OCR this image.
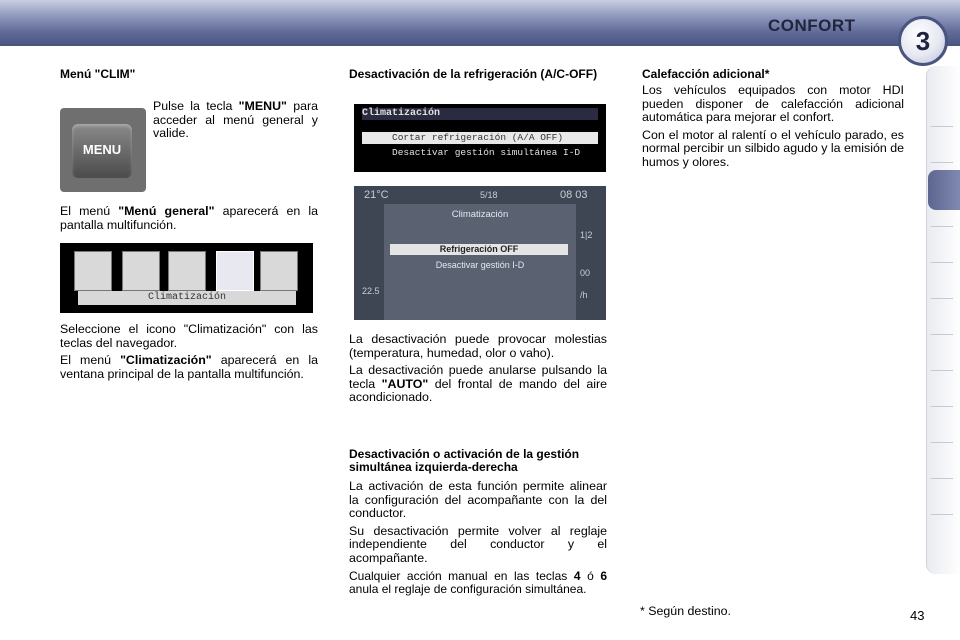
CONFORT
3
Menú "CLIM"
MENU

Pulse la tecla "MENU" para acceder al menú general y valide.

El menú "Menú general" aparecerá en la pantalla multifunción.

Climatización

Seleccione el icono "Climatización" con las teclas del navegador.

El menú "Climatización" aparecerá en la ventana principal de la pantalla multifunción.

Desactivación de la refrigeración (A/C-OFF)
Climatización
Cortar refrigeración (A/A OFF)
Desactivar gestión simultánea I-D
21°C	5/18	08 03
Climatización
Refrigeración OFF
Desactivar gestión I-D
1|2
00
/h
22.5

La desactivación puede provocar molestias (temperatura, humedad, olor o vaho).

La desactivación puede anularse pulsando la tecla "AUTO" del frontal de mando del aire acondicionado.

Desactivación o activación de la gestión simultánea izquierda-derecha

La activación de esta función permite alinear la configuración del acompañante con la del conductor.

Su desactivación permite volver al reglaje independiente del conductor y el acompañante.

Cualquier acción manual en las teclas 4 ó 6 anula el reglaje de configuración simultánea.

Calefacción adicional*

Los vehículos equipados con motor HDI pueden disponer de calefacción adicional automática para mejorar el confort.

Con el motor al ralentí o el vehículo parado, es normal percibir un silbido agudo y la emisión de humos y olores.

* Según destino.	43
